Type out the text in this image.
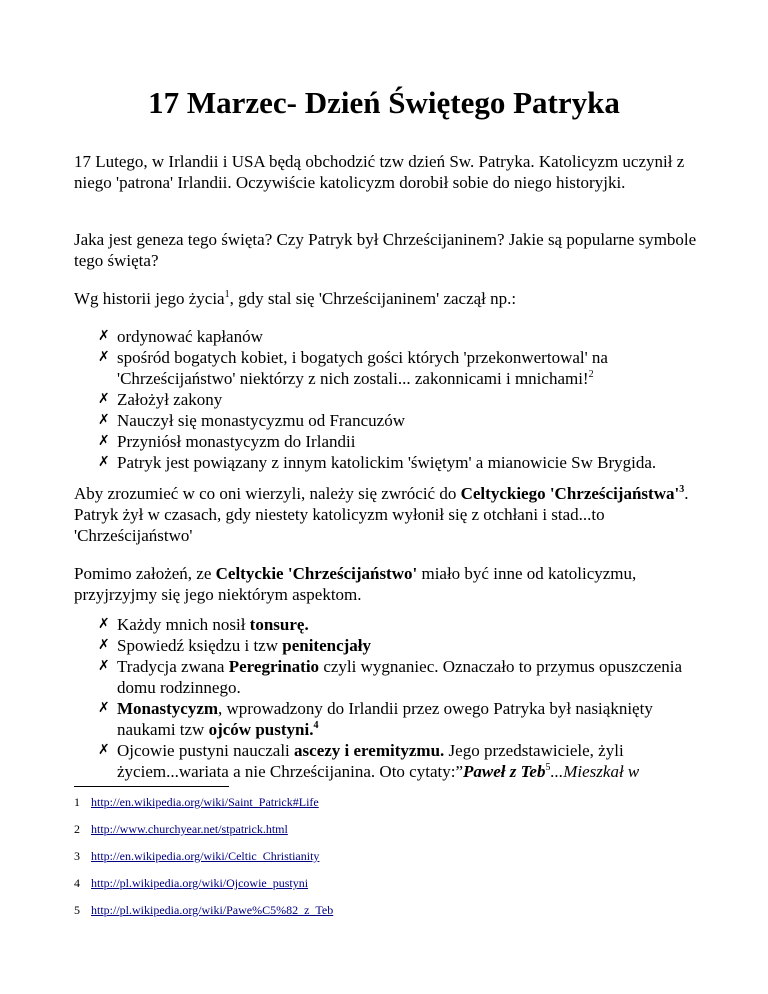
17 Marzec- Dzień Świętego Patryka

17 Lutego, w Irlandii i USA będą obchodzić tzw dzień Sw. Patryka. Katolicyzm uczynił z niego 'patrona' Irlandii. Oczywiście katolicyzm dorobił sobie do niego historyjki.

Jaka jest geneza tego święta? Czy Patryk był Chrześcijaninem? Jakie są popularne symbole tego święta?

Wg historii jego życia$^1$, gdy stal się 'Chrześcijaninem' zaczął np.:

✗ ordynować kapłanów
✗ spośród bogatych kobiet, i bogatych gości których 'przekonwertowal' na 'Chrześcijaństwo' niektórzy z nich zostali... zakonnicami i mnichami!$^2$
✗ Założył zakony
✗ Nauczył się monastycyzmu od Francuzów
✗ Przyniósł monastycyzm do Irlandii
✗ Patryk jest powiązany z innym katolickim 'świętym' a mianowicie Sw Brygida.

Aby zrozumieć w co oni wierzyli, należy się zwrócić do Celtyckiego '$Chrześcijaństwa'^3$. Patryk żył w czasach, gdy niestety katolicyzm wyłonił się z otchłani i stad...to 'Chrześcijaństwo'

Pomimo założeń, ze Celtyckie 'Chrześcijaństwo' miało być inne od katolicyzmu, przyjrzyjmy się jego niektórym aspektom.

✗ Każdy mnich nosił tonsurę.
✗ Spowiedź księdzu i tzw penitencjały
✗ Tradycja zwana Peregrinatio czyli wygnaniec. Oznaczało to przymus opuszczenia domu rodzinnego.
✗ Monastycyzm, wprowadzony do Irlandii przez owego Patryka był nasiąknięty naukami tzw ojców pustyni.$^4$
✗ Ojcowie pustyni nauczali ascezy i eremityzmu. Jego przedstawiciele, żyli życiem...wariata a nie Chrześcijanina. Oto cytaty:”Paweł z Teb$^5$...Mieszkał w
1 http://en.wikipedia.org/wiki/Saint_Patrick#Life
2 http://www.churchyear.net/stpatrick.html
3 http://en.wikipedia.org/wiki/Celtic_Christianity
4 http://pl.wikipedia.org/wiki/Ojcowie_pustyni
5 http://pl.wikipedia.org/wiki/Pawe%C5%82_z_Teb
